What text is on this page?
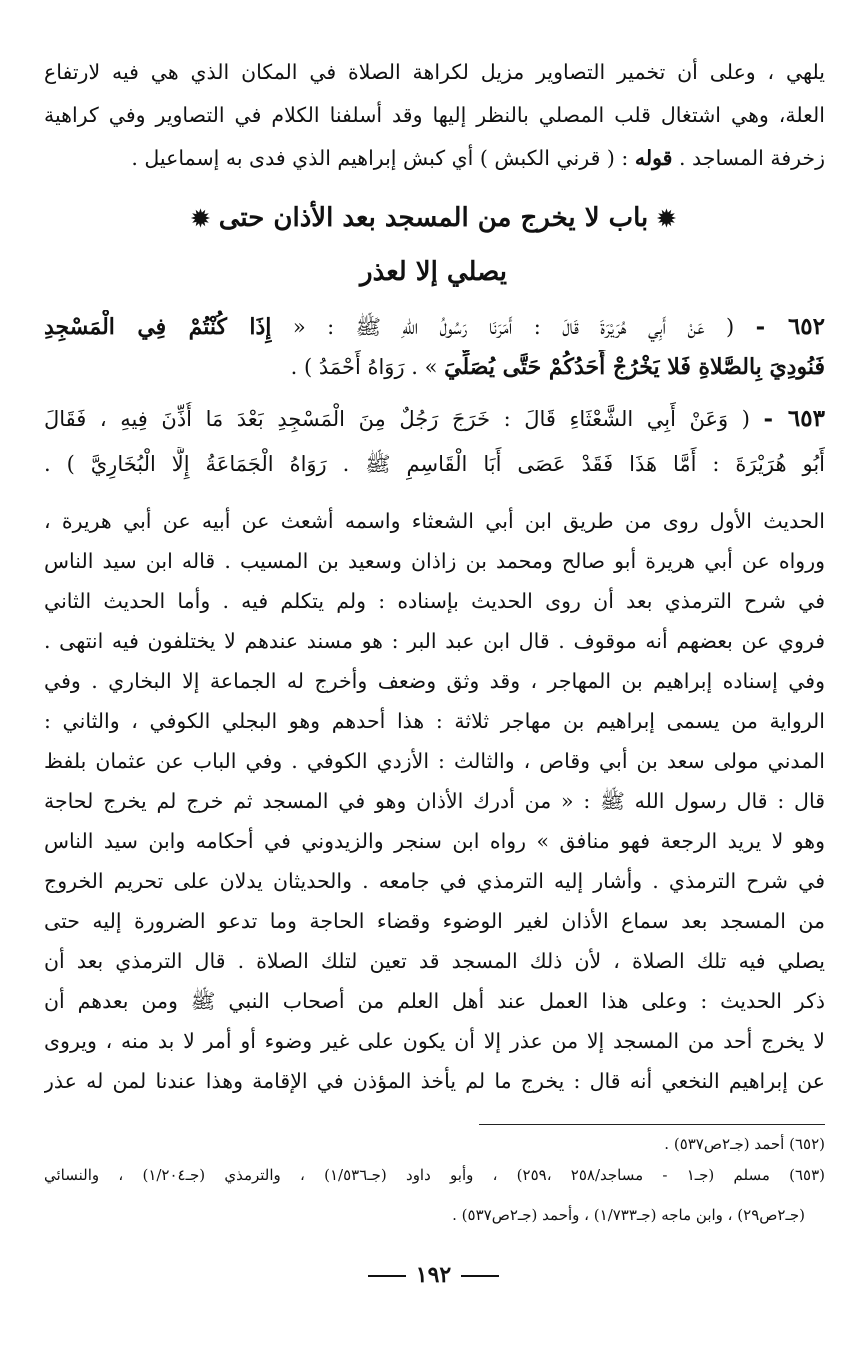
يلهي ، وعلى أن تخمير التصاوير مزيل لكراهة الصلاة في المكان الذي هي فيه لارتفاع
العلة، وهي اشتغال قلب المصلي بالنظر إليها وقد أسلفنا الكلام في التصاوير وفي كراهية
زخرفة المساجد . قوله : ( قرني الكبش ) أي كبش إبراهيم الذي فدى به إسماعيل .
✹ باب لا يخرج من المسجد بعد الأذان حتى ✹
يصلي إلا لعذر
٦٥٢ - ( عَنْ أَبِي هُرَيْرَةَ قَالَ : أَمَرَنَا رَسُولُ اللهِ ﷺ : « إِذَا كُنْتُمْ فِي الْمَسْجِدِ
فَنُودِيَ بِالصَّلاةِ فَلا يَخْرُجْ أَحَدُكُمْ حَتَّى يُصَلِّيَ » . رَوَاهُ أَحْمَدُ ) .
٦٥٣ - ( وَعَنْ أَبِي الشَّعْثَاءِ قَالَ : خَرَجَ رَجُلٌ مِنَ الْمَسْجِدِ بَعْدَ مَا أُذِّنَ فِيهِ ، فَقَالَ
أَبُو هُرَيْرَةَ : أَمَّا هَذَا فَقَدْ عَصَى أَبَا الْقَاسِمِ ﷺ . رَوَاهُ الْجَمَاعَةُ إِلَّا الْبُخَارِيَّ ) .
الحديث الأول روى من طريق ابن أبي الشعثاء واسمه أشعث عن أبيه عن أبي هريرة ،
ورواه عن أبي هريرة أبو صالح ومحمد بن زاذان وسعيد بن المسيب . قاله ابن سيد الناس
في شرح الترمذي بعد أن روى الحديث بإسناده : ولم يتكلم فيه . وأما الحديث الثاني
فروي عن بعضهم أنه موقوف . قال ابن عبد البر : هو مسند عندهم لا يختلفون فيه انتهى .
وفي إسناده إبراهيم بن المهاجر ، وقد وثق وضعف وأخرج له الجماعة إلا البخاري . وفي
الرواية من يسمى إبراهيم بن مهاجر ثلاثة : هذا أحدهم وهو البجلي الكوفي ، والثاني :
المدني مولى سعد بن أبي وقاص ، والثالث : الأزدي الكوفي . وفي الباب عن عثمان بلفظ
قال : قال رسول الله ﷺ : « من أدرك الأذان وهو في المسجد ثم خرج لم يخرج لحاجة
وهو لا يريد الرجعة فهو منافق » رواه ابن سنجر والزيدوني في أحكامه وابن سيد الناس
في شرح الترمذي . وأشار إليه الترمذي في جامعه . والحديثان يدلان على تحريم الخروج
من المسجد بعد سماع الأذان لغير الوضوء وقضاء الحاجة وما تدعو الضرورة إليه حتى
يصلي فيه تلك الصلاة ، لأن ذلك المسجد قد تعين لتلك الصلاة . قال الترمذي بعد أن
ذكر الحديث : وعلى هذا العمل عند أهل العلم من أصحاب النبي ﷺ ومن بعدهم أن
لا يخرج أحد من المسجد إلا من عذر إلا أن يكون على غير وضوء أو أمر لا بد منه ، ويروى
عن إبراهيم النخعي أنه قال : يخرج ما لم يأخذ المؤذن في الإقامة وهذا عندنا لمن له عذر
(٦٥٢) أحمد (جـ٢ص٥٣٧) .
(٦٥٣) مسلم (جـ١ - مساجد/٢٥٨ ،٢٥٩) ، وأبو داود (جـ١/٥٣٦) ، والترمذي (جـ١/٢٠٤) ، والنسائي
(جـ٢ص٢٩) ، وابن ماجه (جـ١/٧٣٣) ، وأحمد (جـ٢ص٥٣٧) .
١٩٢
